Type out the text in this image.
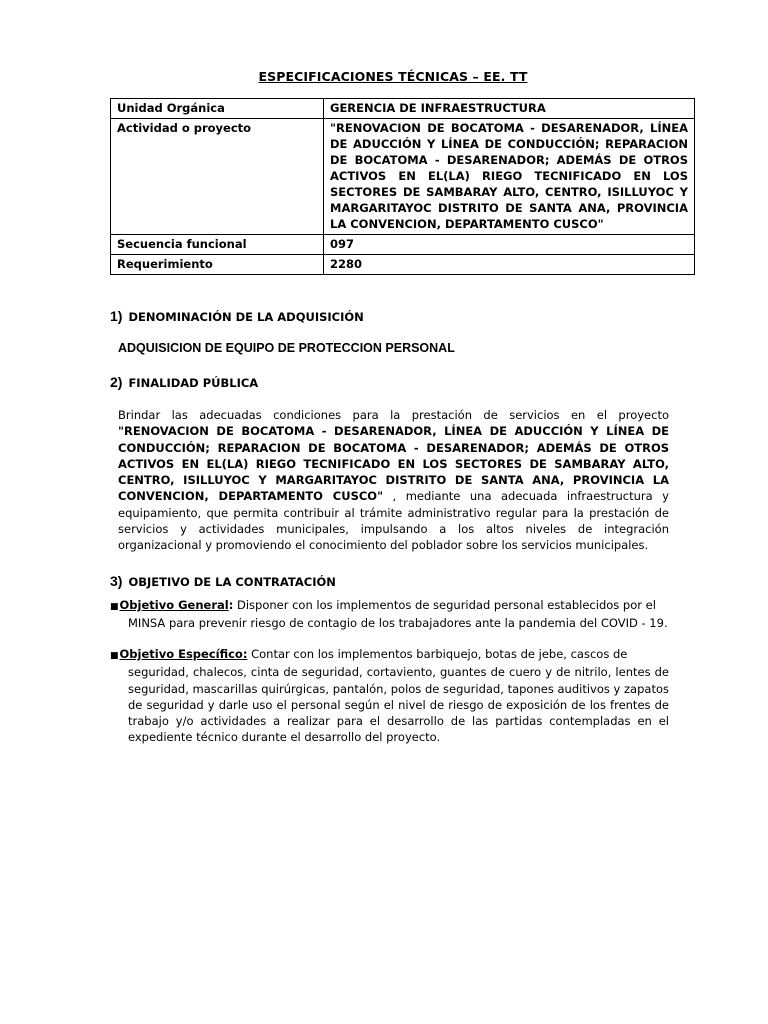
ESPECIFICACIONES TÉCNICAS – EE. TT
Unidad Orgánica	GERENCIA DE INFRAESTRUCTURA
Actividad o proyecto	"RENOVACION DE BOCATOMA - DESARENADOR, LÍNEA DE ADUCCIÓN Y LÍNEA DE CONDUCCIÓN; REPARACION DE BOCATOMA - DESARENADOR; ADEMÁS DE OTROS ACTIVOS EN EL(LA) RIEGO TECNIFICADO EN LOS SECTORES DE SAMBARAY ALTO, CENTRO, ISILLUYOC Y MARGARITAYOC DISTRITO DE SANTA ANA, PROVINCIA LA CONVENCION, DEPARTAMENTO CUSCO"
Secuencia funcional	097
Requerimiento	2280
1) DENOMINACIÓN DE LA ADQUISICIÓN
ADQUISICION DE EQUIPO DE PROTECCION PERSONAL
2) FINALIDAD PÚBLICA
Brindar las adecuadas condiciones para la prestación de servicios en el proyecto "RENOVACION DE BOCATOMA - DESARENADOR, LÍNEA DE ADUCCIÓN Y LÍNEA DE CONDUCCIÓN; REPARACION DE BOCATOMA - DESARENADOR; ADEMÁS DE OTROS ACTIVOS EN EL(LA) RIEGO TECNIFICADO EN LOS SECTORES DE SAMBARAY ALTO, CENTRO, ISILLUYOC Y MARGARITAYOC DISTRITO DE SANTA ANA, PROVINCIA LA CONVENCION, DEPARTAMENTO CUSCO" , mediante una adecuada infraestructura y equipamiento, que permita contribuir al trámite administrativo regular para la prestación de servicios y actividades municipales, impulsando a los altos niveles de integración organizacional y promoviendo el conocimiento del poblador sobre los servicios municipales.
3) OBJETIVO DE LA CONTRATACIÓN
■Objetivo General: Disponer con los implementos de seguridad personal establecidos por el
MINSA para prevenir riesgo de contagio de los trabajadores ante la pandemia del COVID - 19.
■Objetivo Específico: Contar con los implementos barbiquejo, botas de jebe, cascos de
seguridad, chalecos, cinta de seguridad, cortaviento, guantes de cuero y de nitrilo, lentes de seguridad, mascarillas quirúrgicas, pantalón, polos de seguridad, tapones auditivos y zapatos de seguridad y darle uso el personal según el nivel de riesgo de exposición de los frentes de trabajo y/o actividades a realizar para el desarrollo de las partidas contempladas en el expediente técnico durante el desarrollo del proyecto.
